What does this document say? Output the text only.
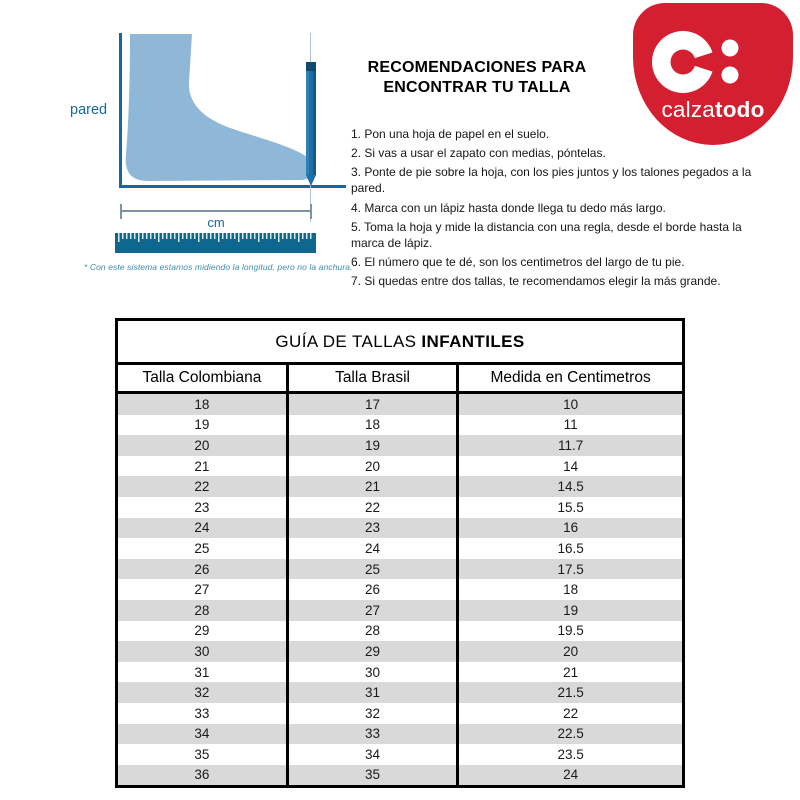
pared
cm
* Con este sistema estamos midiendo la longitud, pero no la anchura.
RECOMENDACIONES PARA
ENCONTRAR TU TALLA
1. Pon una hoja de papel en el suelo.
2. Si vas a usar el zapato con medias, póntelas.
3. Ponte de pie sobre la hoja, con los pies juntos y los talones pegados a la pared.
4. Marca con un lápiz hasta donde llega tu dedo más largo.
5. Toma la hoja y mide la distancia con una regla, desde el borde hasta la marca de lápiz.
6. El número que te dé, son los centimetros del largo de tu pie.
7. Si quedas entre dos tallas, te recomendamos elegir la más grande.
calzatodo
GUÍA DE TALLAS INFANTILES
Talla Colombiana	Talla Brasil	Medida en Centimetros
18	17	10
19	18	11
20	19	11.7
21	20	14
22	21	14.5
23	22	15.5
24	23	16
25	24	16.5
26	25	17.5
27	26	18
28	27	19
29	28	19.5
30	29	20
31	30	21
32	31	21.5
33	32	22
34	33	22.5
35	34	23.5
36	35	24
